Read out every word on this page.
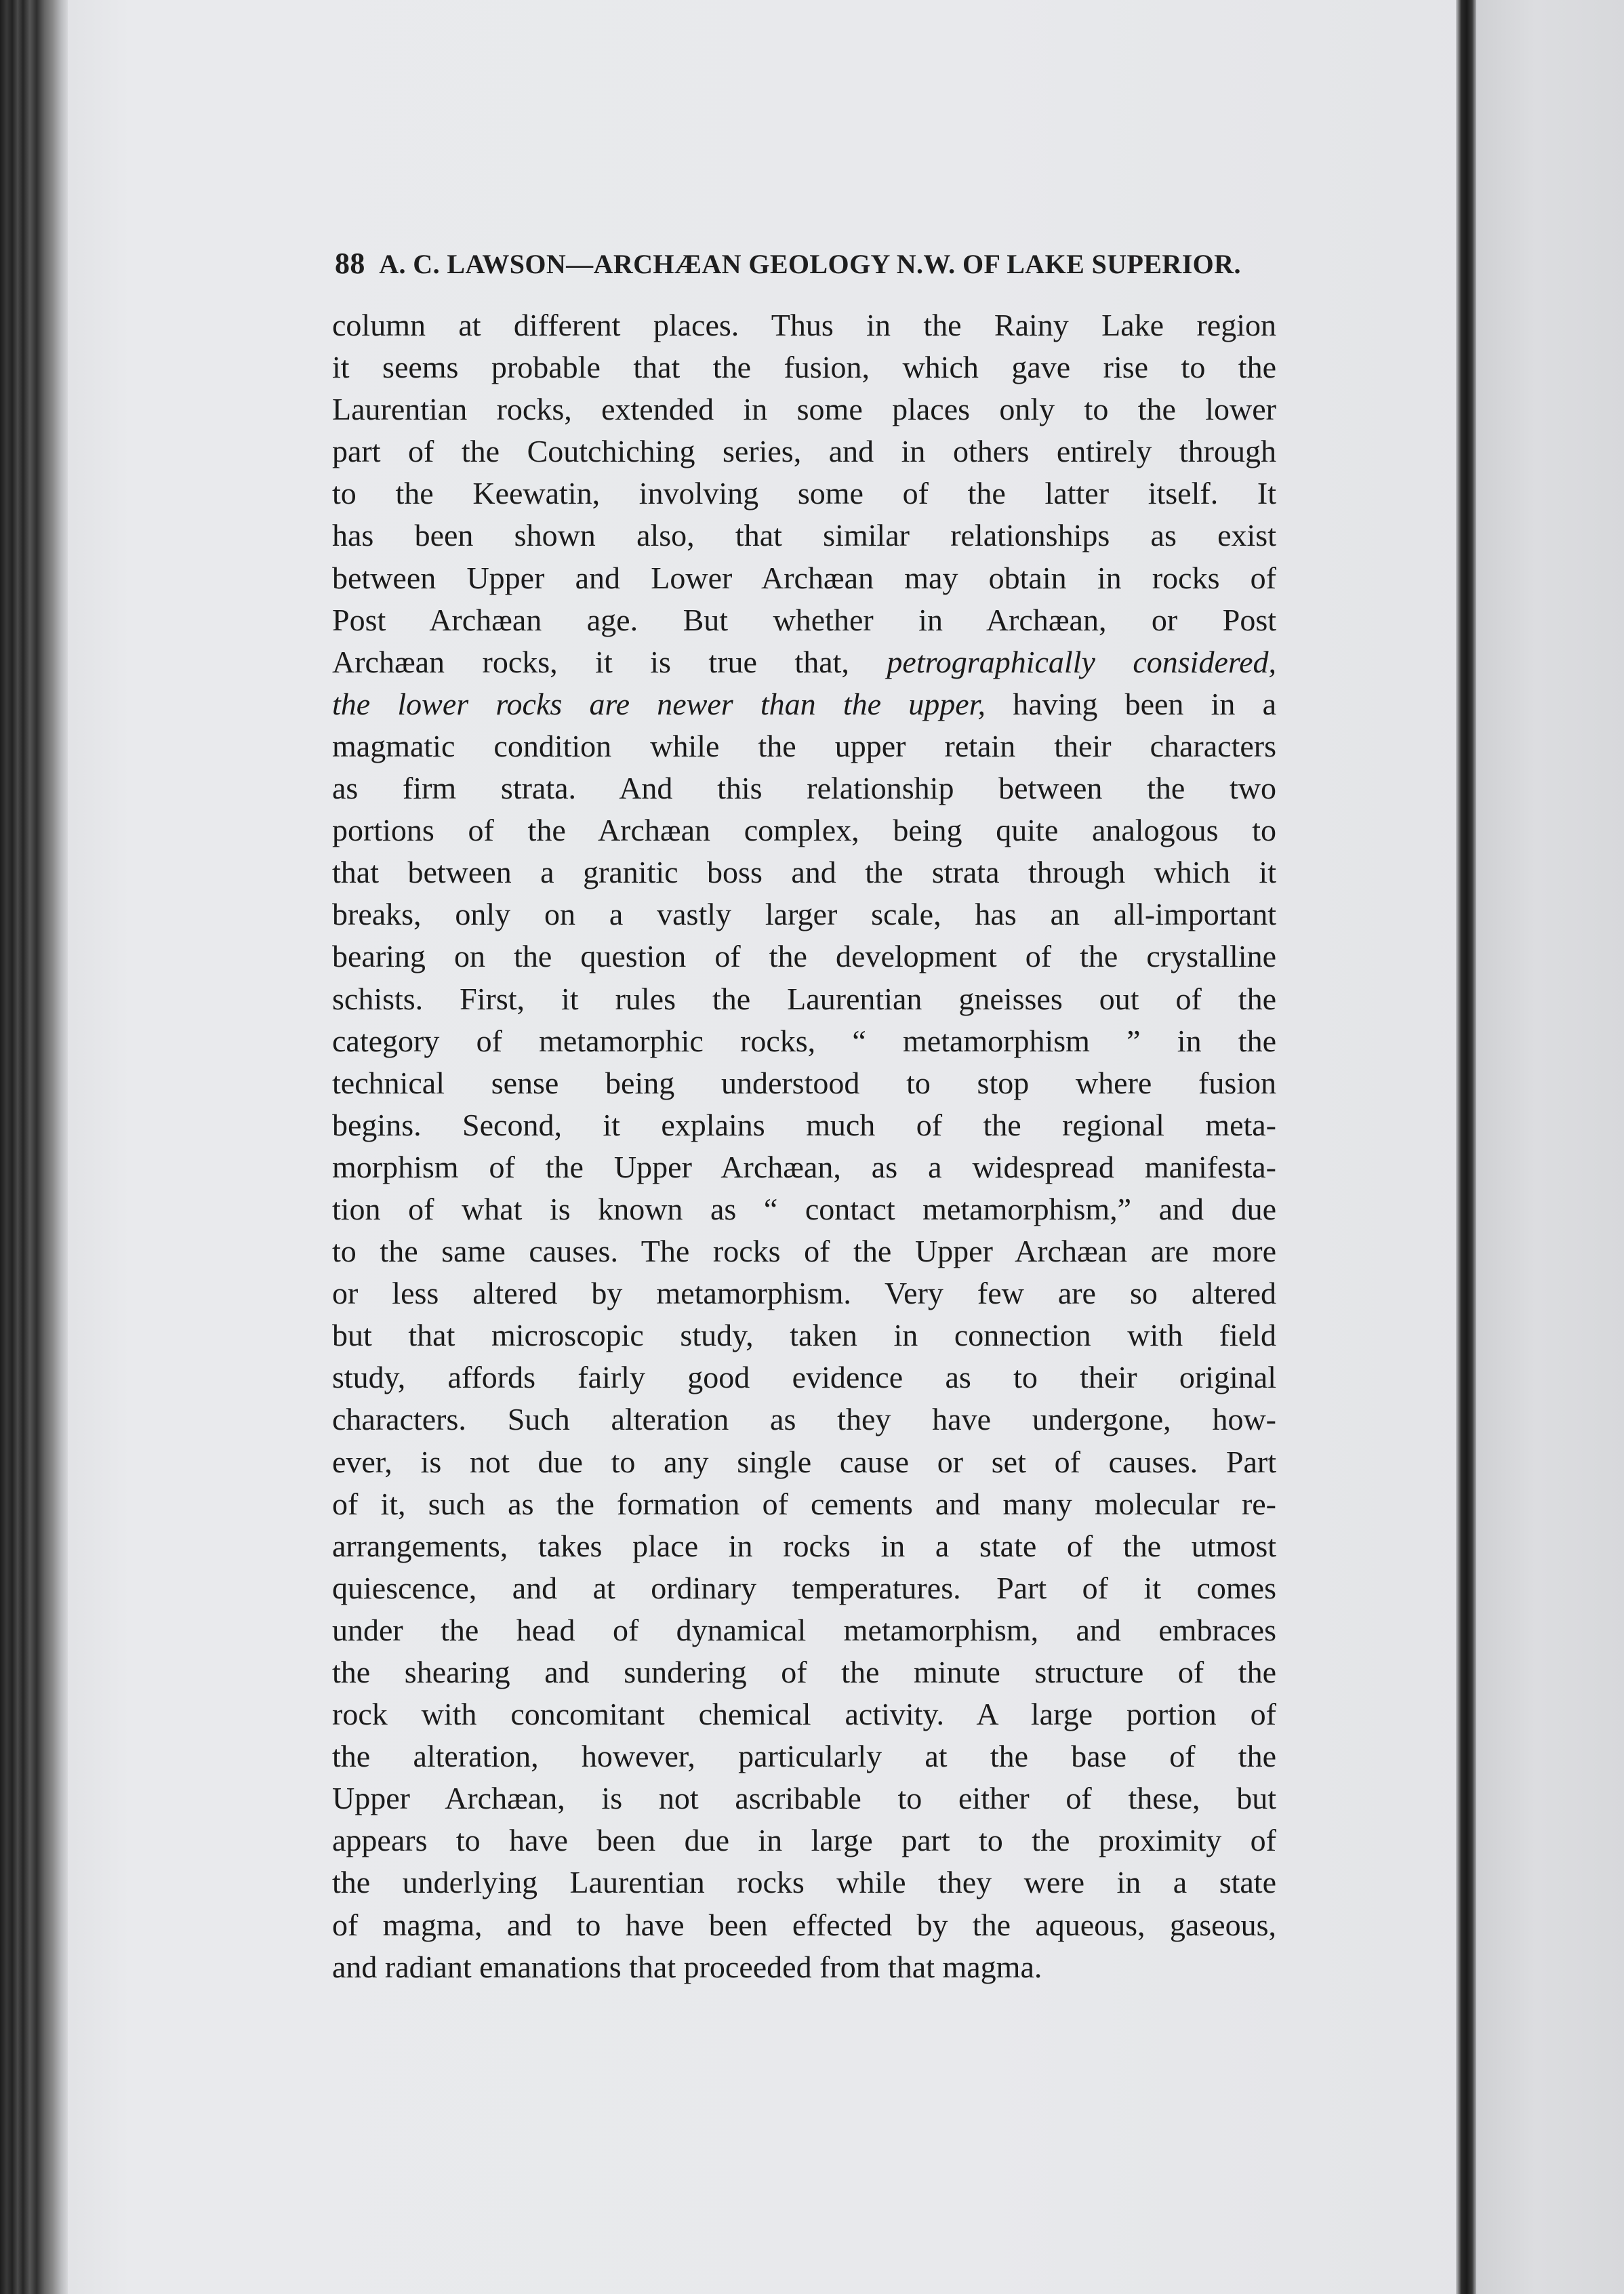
88 A. C. LAWSON—ARCHÆAN GEOLOGY N.W. OF LAKE SUPERIOR.
column at different places. Thus in the Rainy Lake region
it seems probable that the fusion, which gave rise to the
Laurentian rocks, extended in some places only to the lower
part of the Coutchiching series, and in others entirely through
to the Keewatin, involving some of the latter itself. It
has been shown also, that similar relationships as exist
between Upper and Lower Archæan may obtain in rocks of
Post Archæan age. But whether in Archæan, or Post
Archæan rocks, it is true that, petrographically considered,
the lower rocks are newer than the upper, having been in a
magmatic condition while the upper retain their characters
as firm strata. And this relationship between the two
portions of the Archæan complex, being quite analogous to
that between a granitic boss and the strata through which it
breaks, only on a vastly larger scale, has an all-important
bearing on the question of the development of the crystalline
schists. First, it rules the Laurentian gneisses out of the
category of metamorphic rocks, “ metamorphism ” in the
technical sense being understood to stop where fusion
begins. Second, it explains much of the regional meta-
morphism of the Upper Archæan, as a widespread manifesta-
tion of what is known as “ contact metamorphism,” and due
to the same causes. The rocks of the Upper Archæan are more
or less altered by metamorphism. Very few are so altered
but that microscopic study, taken in connection with field
study, affords fairly good evidence as to their original
characters. Such alteration as they have undergone, how-
ever, is not due to any single cause or set of causes. Part
of it, such as the formation of cements and many molecular re-
arrangements, takes place in rocks in a state of the utmost
quiescence, and at ordinary temperatures. Part of it comes
under the head of dynamical metamorphism, and embraces
the shearing and sundering of the minute structure of the
rock with concomitant chemical activity. A large portion of
the alteration, however, particularly at the base of the
Upper Archæan, is not ascribable to either of these, but
appears to have been due in large part to the proximity of
the underlying Laurentian rocks while they were in a state
of magma, and to have been effected by the aqueous, gaseous,
and radiant emanations that proceeded from that magma.
